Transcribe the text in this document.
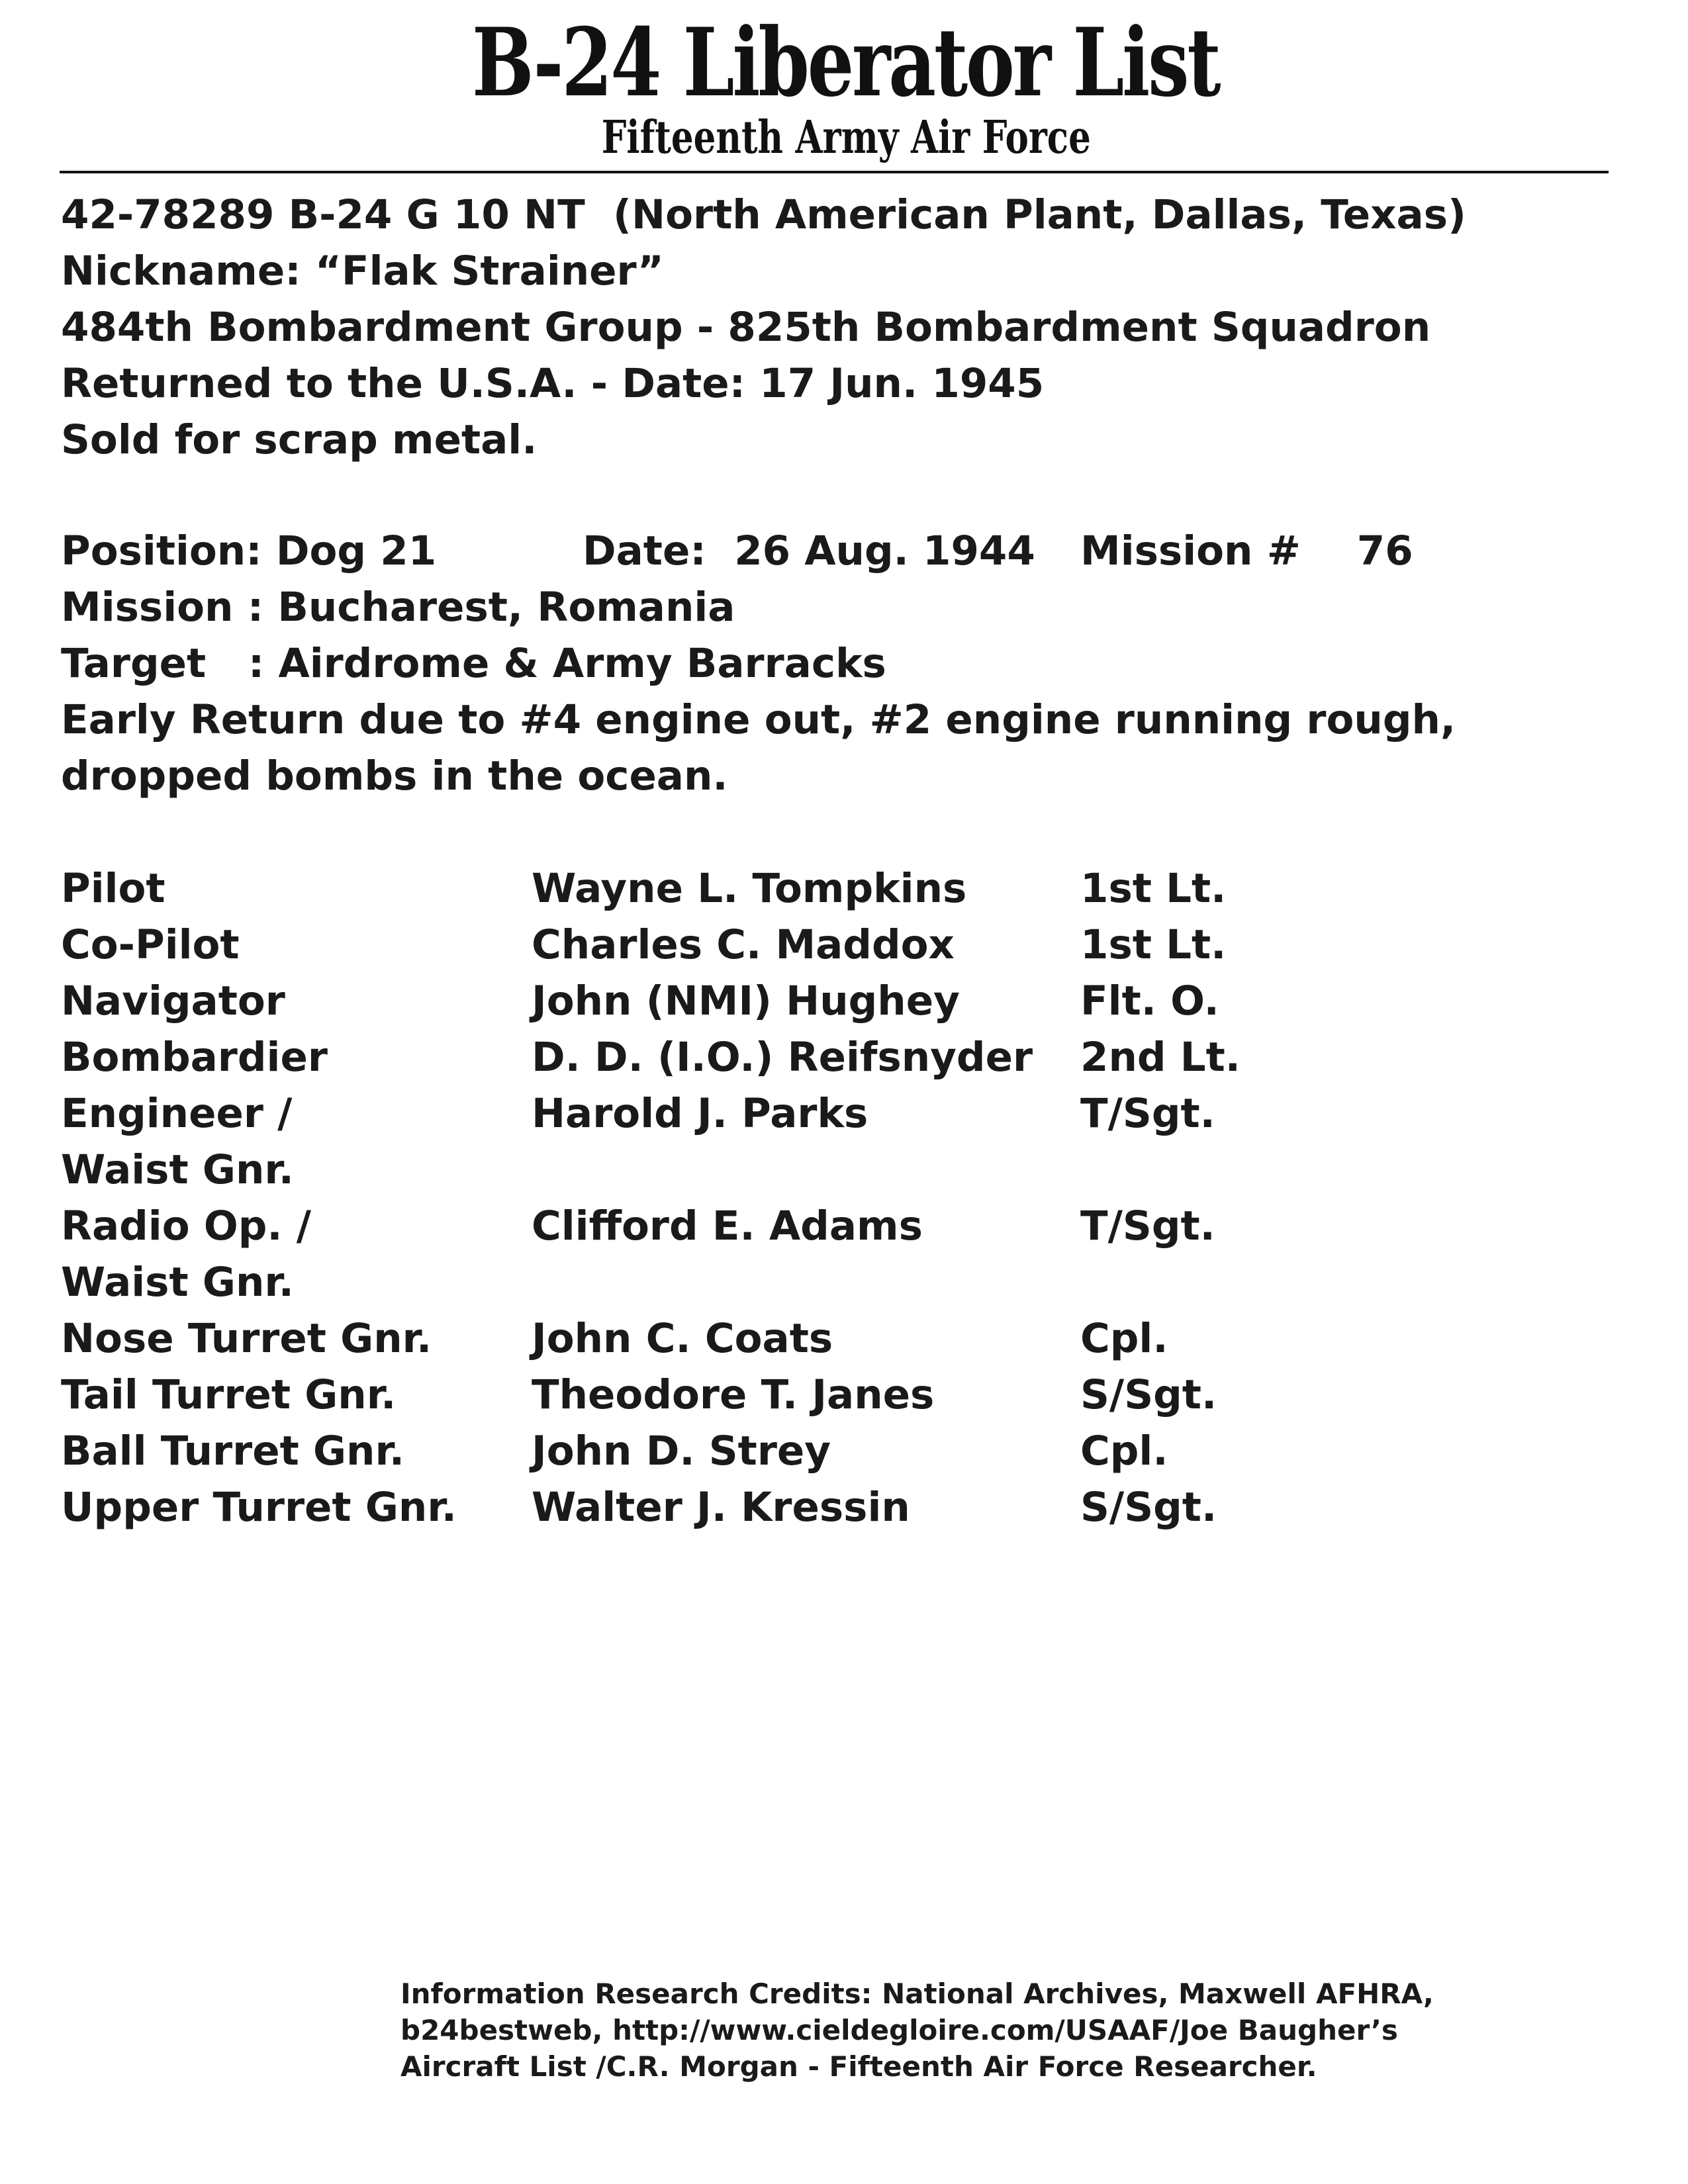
B-24 Liberator List
Fifteenth Army Air Force
42-78289 B-24 G 10 NT  (North American Plant, Dallas, Texas)
Nickname: “Flak Strainer”
484th Bombardment Group - 825th Bombardment Squadron
Returned to the U.S.A. - Date: 17 Jun. 1945
Sold for scrap metal.
Position: Dog 21	Date:  26 Aug. 1944 Mission #    76
Mission : Bucharest, Romania
Target   : Airdrome & Army Barracks
Early Return due to #4 engine out, #2 engine running rough,
dropped bombs in the ocean.
Pilot	Wayne L. Tompkins	1st Lt.
Co-Pilot	Charles C. Maddox	1st Lt.
Navigator	John (NMI) Hughey	Flt. O.
Bombardier	D. D. (I.O.) Reifsnyder 2nd Lt.
Engineer /
Waist Gnr.
Harold J. Parks	T/Sgt.
Radio Op. /
Waist Gnr.
Clifford E. Adams	T/Sgt.
Nose Turret Gnr. John C. Coats	Cpl.
Tail Turret Gnr.	Theodore T. Janes	S/Sgt.
Ball Turret Gnr.	John D. Strey	Cpl.
Upper Turret Gnr. Walter J. Kressin	S/Sgt.
Information Research Credits: National Archives, Maxwell AFHRA,
b24bestweb, http://www.cieldegloire.com/USAAF/Joe Baugher’s
Aircraft List /C.R. Morgan - Fifteenth Air Force Researcher.
